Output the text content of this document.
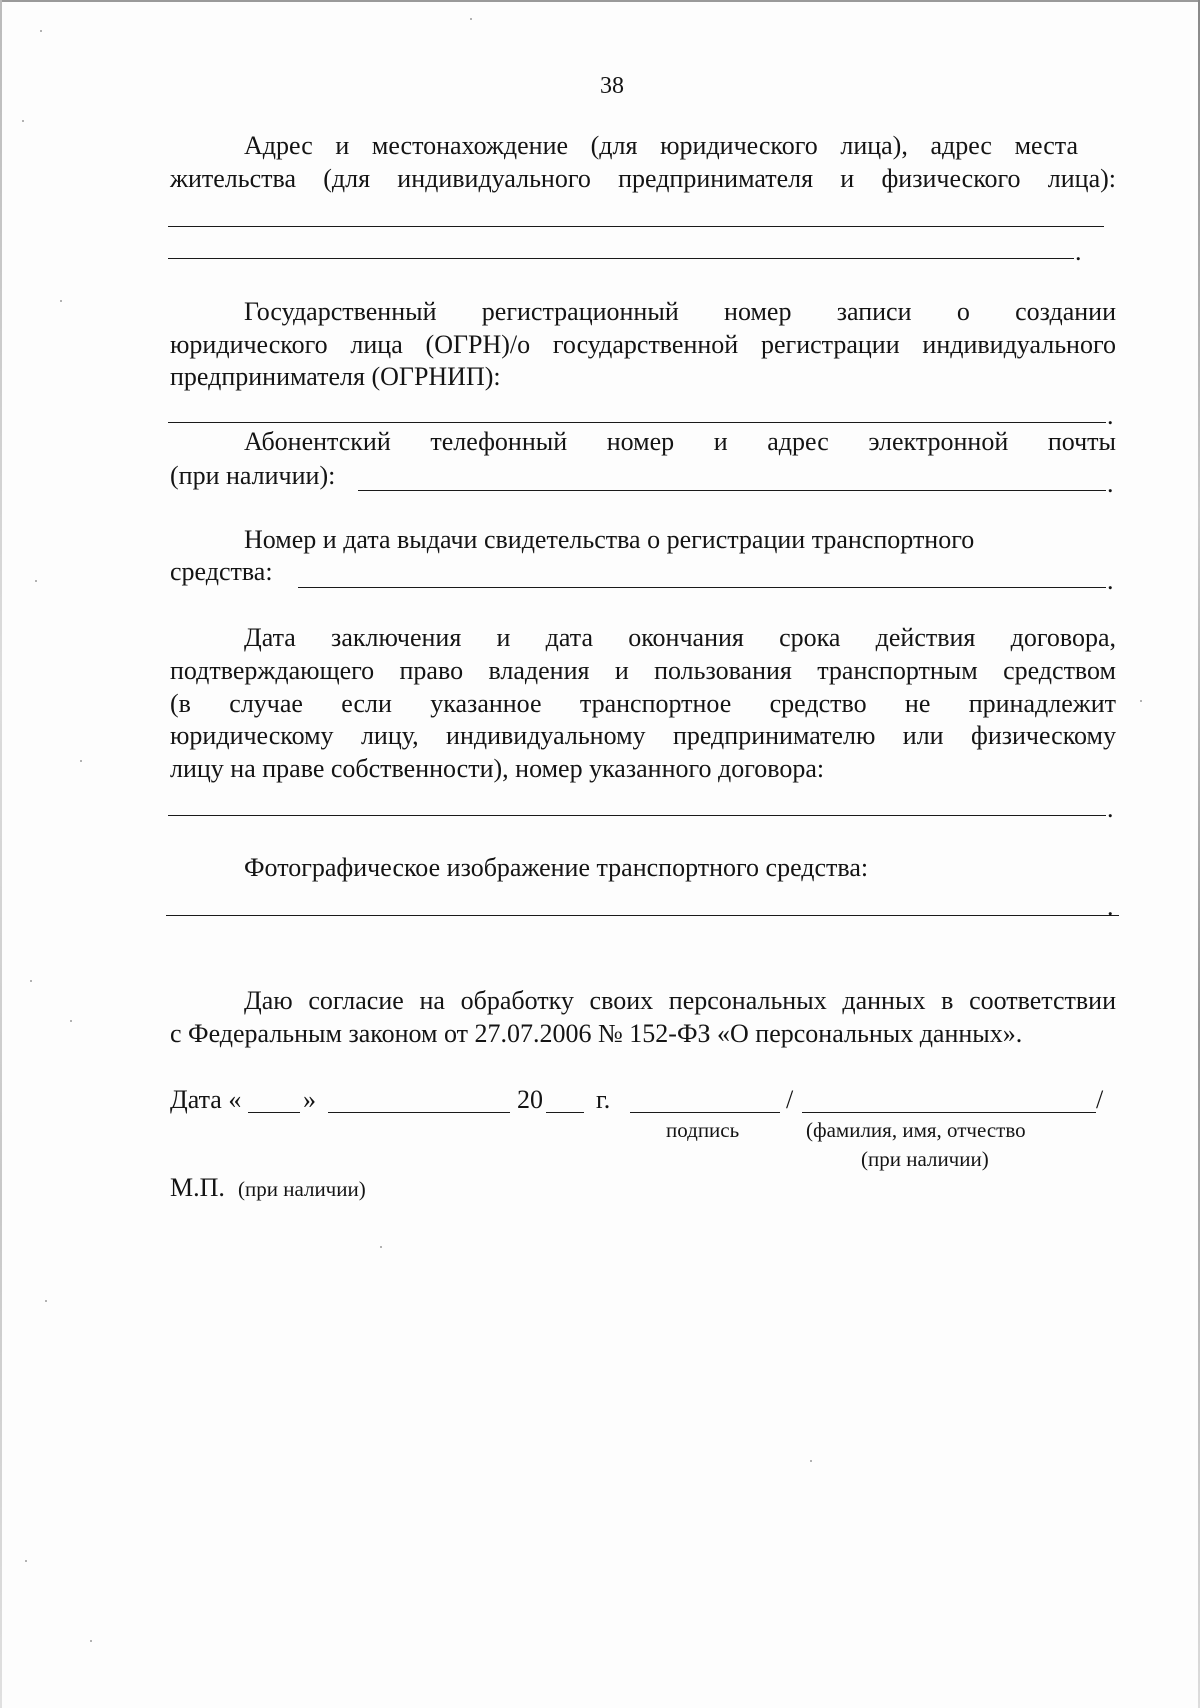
38
Адрес и местонахождение (для юридического лица), адрес места
жительства (для индивидуального предпринимателя и физического лица):
.
Государственный регистрационный номер записи о создании
юридического лица (ОГРН)/о государственной регистрации индивидуального
предпринимателя (ОГРНИП):
.
Абонентский телефонный номер и адрес электронной почты
(при наличии):	.
Номер и дата выдачи свидетельства о регистрации транспортного
средства:	.
Дата заключения и дата окончания срока действия договора,
подтверждающего право владения и пользования транспортным средством
(в случае если указанное транспортное средство не принадлежит
юридическому лицу, индивидуальному предпринимателю или физическому
лицу на праве собственности), номер указанного договора:
.
Фотографическое изображение транспортного средства:
.
Даю согласие на обработку своих персональных данных в соответствии
с Федеральным законом от 27.07.2006 № 152-ФЗ «О персональных данных».
Дата « »	20 г.	/	/
подпись	(фамилия, имя, отчество
(при наличии)
М.П. (при наличии)
